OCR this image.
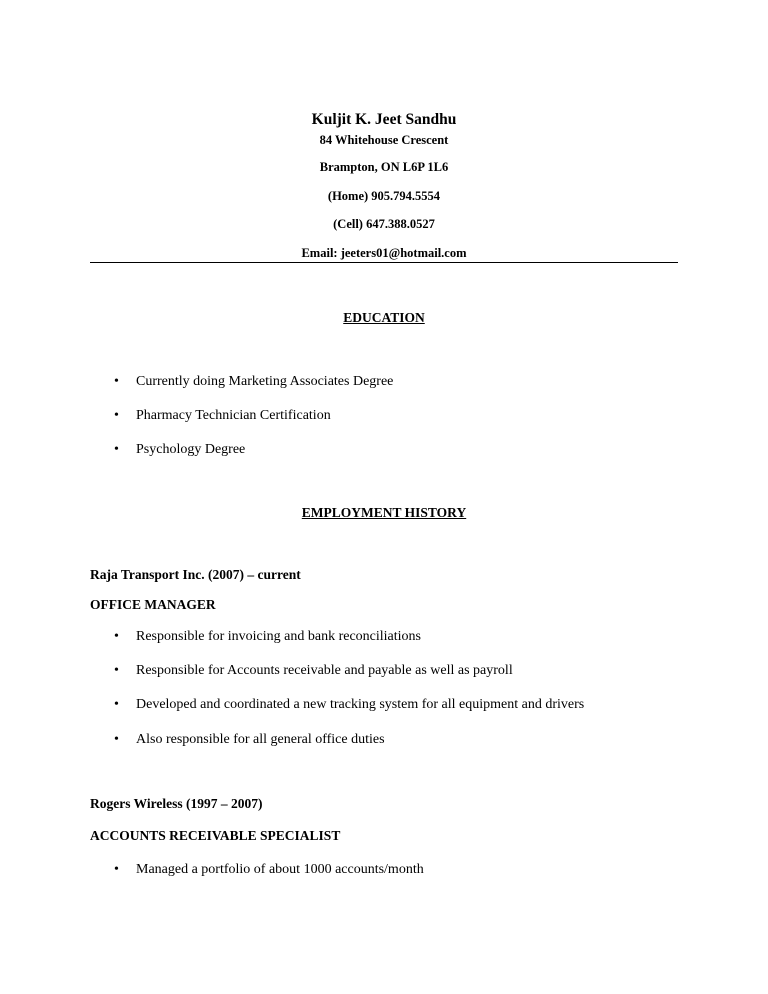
Kuljit K. Jeet Sandhu
84 Whitehouse Crescent
Brampton, ON L6P 1L6
(Home) 905.794.5554
(Cell) 647.388.0527
Email: jeeters01@hotmail.com
EDUCATION
• Currently doing Marketing Associates Degree
• Pharmacy Technician Certification
• Psychology Degree
EMPLOYMENT HISTORY
Raja Transport Inc. (2007) – current
OFFICE MANAGER
• Responsible for invoicing and bank reconciliations
• Responsible for Accounts receivable and payable as well as payroll
• Developed and coordinated a new tracking system for all equipment and drivers
• Also responsible for all general office duties
Rogers Wireless (1997 – 2007)
ACCOUNTS RECEIVABLE SPECIALIST
• Managed a portfolio of about 1000 accounts/month
